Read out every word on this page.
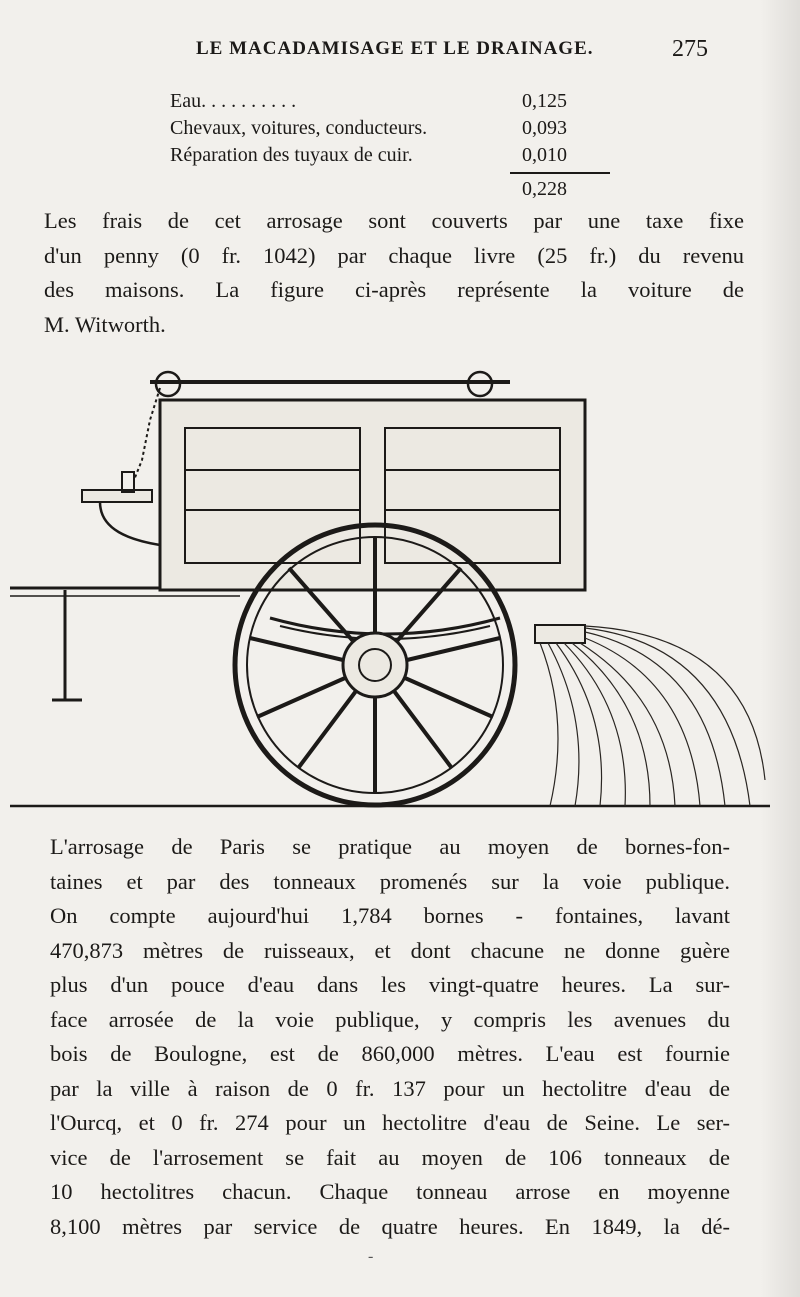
LE MACADAMISAGE ET LE DRAINAGE.	275
Eau. . . . . . . . . .	0,125
Chevaux, voitures, conducteurs.	0,093
Réparation des tuyaux de cuir.	0,010
0,228
Les frais de cet arrosage sont couverts par une taxe fixe
d'un penny (0 fr. 1042) par chaque livre (25 fr.) du revenu
des maisons. La figure ci-après représente la voiture de
M. Witworth.
L'arrosage de Paris se pratique au moyen de bornes-fon-
taines et par des tonneaux promenés sur la voie publique.
On compte aujourd'hui 1,784 bornes - fontaines, lavant
470,873 mètres de ruisseaux, et dont chacune ne donne guère
plus d'un pouce d'eau dans les vingt-quatre heures. La sur-
face arrosée de la voie publique, y compris les avenues du
bois de Boulogne, est de 860,000 mètres. L'eau est fournie
par la ville à raison de 0 fr. 137 pour un hectolitre d'eau de
l'Ourcq, et 0 fr. 274 pour un hectolitre d'eau de Seine. Le ser-
vice de l'arrosement se fait au moyen de 106 tonneaux de
10 hectolitres chacun. Chaque tonneau arrose en moyenne
8,100 mètres par service de quatre heures. En 1849, la dé-
-
